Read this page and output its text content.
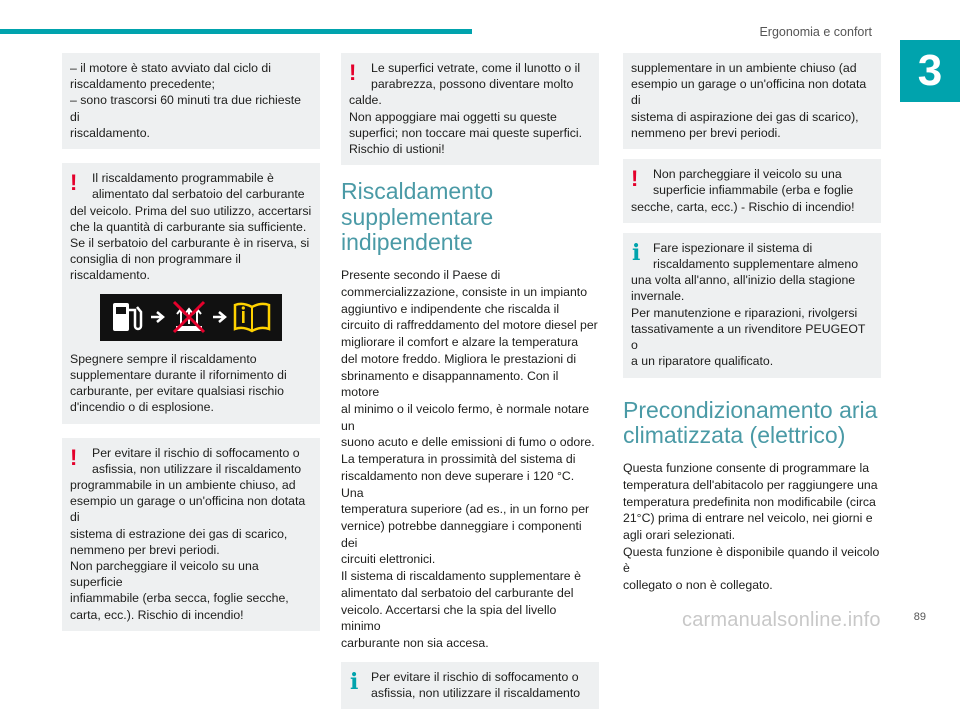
Ergonomia e confort
3
– il motore è stato avviato dal ciclo di
riscaldamento precedente;
– sono trascorsi 60 minuti tra due richieste di
riscaldamento.
!	Il riscaldamento programmabile è
alimentato dal serbatoio del carburante
del veicolo. Prima del suo utilizzo, accertarsi
che la quantità di carburante sia sufficiente.
Se il serbatoio del carburante è in riserva, si
consiglia di non programmare il
riscaldamento.
Spegnere sempre il riscaldamento
supplementare durante il rifornimento di
carburante, per evitare qualsiasi rischio
d'incendio o di esplosione.
!	Per evitare il rischio di soffocamento o
asfissia, non utilizzare il riscaldamento
programmabile in un ambiente chiuso, ad
esempio un garage o un'officina non dotata di
sistema di estrazione dei gas di scarico,
nemmeno per brevi periodi.
Non parcheggiare il veicolo su una superficie
infiammabile (erba secca, foglie secche,
carta, ecc.). Rischio di incendio!
!	Le superfici vetrate, come il lunotto o il
parabrezza, possono diventare molto
calde.
Non appoggiare mai oggetti su queste
superfici; non toccare mai queste superfici.
Rischio di ustioni!
Riscaldamento
supplementare
indipendente
Presente secondo il Paese di
commercializzazione, consiste in un impianto
aggiuntivo e indipendente che riscalda il
circuito di raffreddamento del motore diesel per
migliorare il comfort e alzare la temperatura
del motore freddo. Migliora le prestazioni di
sbrinamento e disappannamento. Con il motore
al minimo o il veicolo fermo, è normale notare un
suono acuto e delle emissioni di fumo o odore.
La temperatura in prossimità del sistema di
riscaldamento non deve superare i 120 °C. Una
temperatura superiore (ad es., in un forno per
vernice) potrebbe danneggiare i componenti dei
circuiti elettronici.
Il sistema di riscaldamento supplementare è
alimentato dal serbatoio del carburante del
veicolo. Accertarsi che la spia del livello minimo
carburante non sia accesa.
i	Per evitare il rischio di soffocamento o
asfissia, non utilizzare il riscaldamento
supplementare in un ambiente chiuso (ad
esempio un garage o un'officina non dotata di
sistema di aspirazione dei gas di scarico),
nemmeno per brevi periodi.
!	Non parcheggiare il veicolo su una
superficie infiammabile (erba e foglie
secche, carta, ecc.) - Rischio di incendio!
i	Fare ispezionare il sistema di
riscaldamento supplementare almeno
una volta all'anno, all'inizio della stagione
invernale.
Per manutenzione e riparazioni, rivolgersi
tassativamente a un rivenditore PEUGEOT o
a un riparatore qualificato.
Precondizionamento aria
climatizzata (elettrico)
Questa funzione consente di programmare la
temperatura dell'abitacolo per raggiungere una
temperatura predefinita non modificabile (circa
21°C) prima di entrare nel veicolo, nei giorni e
agli orari selezionati.
Questa funzione è disponibile quando il veicolo è
collegato o non è collegato.
carmanualsonline.info	89
